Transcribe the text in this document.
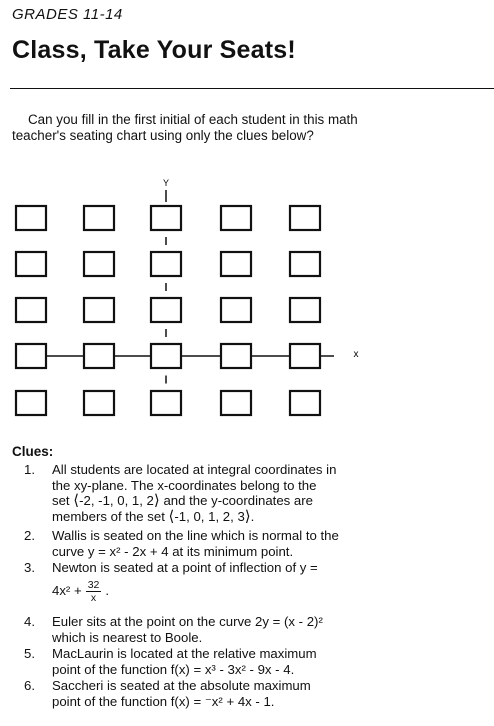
GRADES 11-14
Class, Take Your Seats!
Can you fill in the first initial of each student in this math teacher's seating chart using only the clues below?
Y
x
Clues:
1. All students are located at integral coordinates in
the xy-plane. The x-coordinates belong to the
set ⟨-2, -1, 0, 1, 2⟩ and the y-coordinates are
members of the set ⟨-1, 0, 1, 2, 3⟩.
2. Wallis is seated on the line which is normal to the
curve y = x² - 2x + 4 at its minimum point.
3. Newton is seated at a point of inflection of y =
$4x^2 + \frac{32}{x}$ .
4. Euler sits at the point on the curve 2y = (x - 2)²
which is nearest to Boole.
5. MacLaurin is located at the relative maximum
point of the function f(x) = x³ - 3x² - 9x - 4.
6. Saccheri is seated at the absolute maximum
point of the function f(x) = ⁻x² + 4x - 1.
